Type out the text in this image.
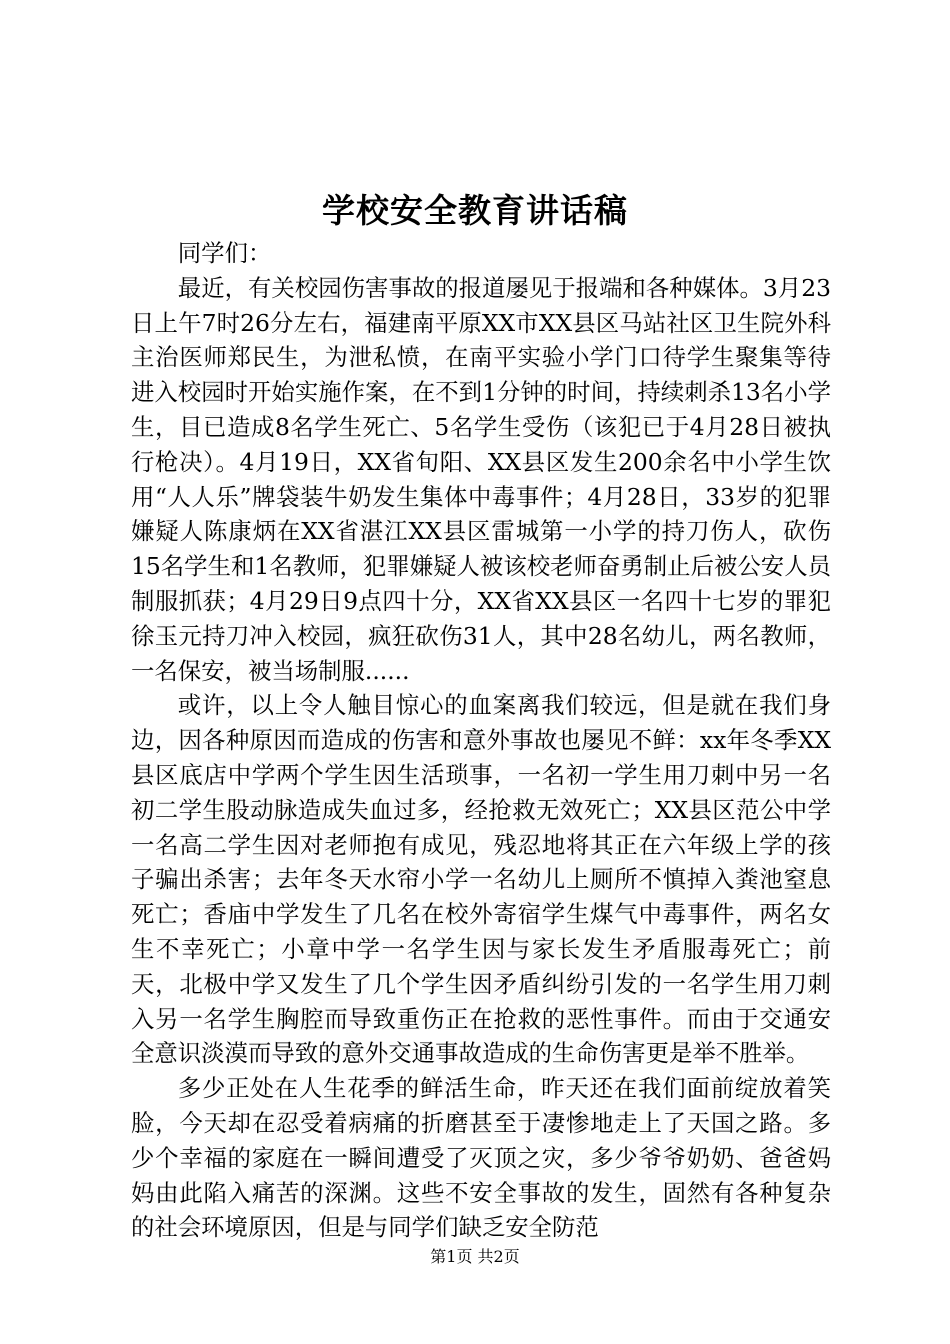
学校安全教育讲话稿

同学们：

最近，有关校园伤害事故的报道屡见于报端和各种媒体。3月23日上午7时26分左右，福建南平原XX市XX县区马站社区卫生院外科主治医师郑民生，为泄私愤，在南平实验小学门口待学生聚集等待进入校园时开始实施作案，在不到1分钟的时间，持续刺杀13名小学生，目已造成8名学生死亡、5名学生受伤（该犯已于4月28日被执行枪决）。4月19日，XX省旬阳、XX县区发生200余名中小学生饮用“人人乐”牌袋装牛奶发生集体中毒事件；4月28日，33岁的犯罪嫌疑人陈康炳在XX省湛江XX县区雷城第一小学的持刀伤人，砍伤15名学生和1名教师，犯罪嫌疑人被该校老师奋勇制止后被公安人员制服抓获；4月29日9点四十分，XX省XX县区一名四十七岁的罪犯徐玉元持刀冲入校园，疯狂砍伤31人，其中28名幼儿，两名教师，一名保安，被当场制服......

或许，以上令人触目惊心的血案离我们较远，但是就在我们身边，因各种原因而造成的伤害和意外事故也屡见不鲜：xx年冬季XX县区底店中学两个学生因生活琐事，一名初一学生用刀刺中另一名初二学生股动脉造成失血过多，经抢救无效死亡；XX县区范公中学一名高二学生因对老师抱有成见，残忍地将其正在六年级上学的孩子骗出杀害；去年冬天水帘小学一名幼儿上厕所不慎掉入粪池窒息死亡；香庙中学发生了几名在校外寄宿学生煤气中毒事件，两名女生不幸死亡；小章中学一名学生因与家长发生矛盾服毒死亡；前天，北极中学又发生了几个学生因矛盾纠纷引发的一名学生用刀刺入另一名学生胸腔而导致重伤正在抢救的恶性事件。而由于交通安全意识淡漠而导致的意外交通事故造成的生命伤害更是举不胜举。

多少正处在人生花季的鲜活生命，昨天还在我们面前绽放着笑脸，今天却在忍受着病痛的折磨甚至于凄惨地走上了天国之路。多少个幸福的家庭在一瞬间遭受了灭顶之灾，多少爷爷奶奶、爸爸妈妈由此陷入痛苦的深渊。这些不安全事故的发生，固然有各种复杂的社会环境原因，但是与同学们缺乏安全防范

第1页 共2页
